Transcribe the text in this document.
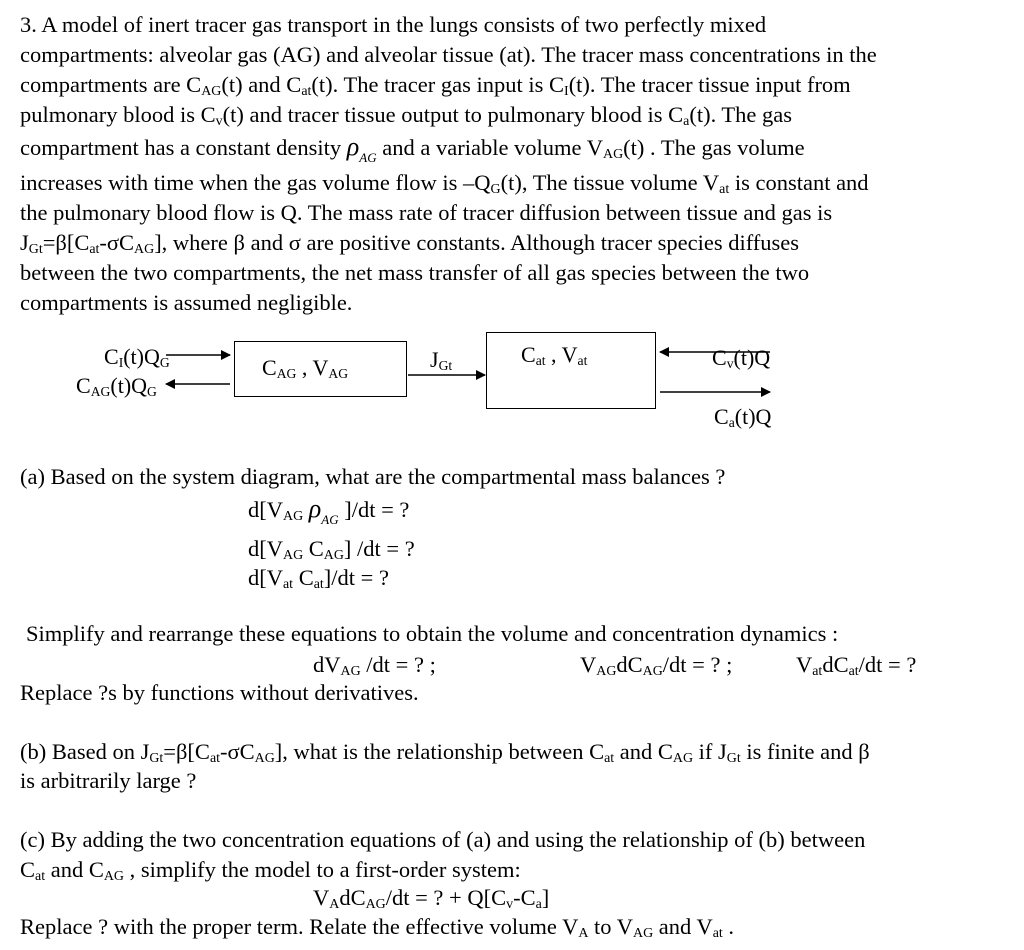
3. A model of inert tracer gas transport in the lungs consists of two perfectly mixed
compartments: alveolar gas (AG) and alveolar tissue (at). The tracer mass concentrations in the
compartments are $C_{AG}(t)$ and $C_{at}(t)$. The tracer gas input is $C_I(t)$. The tracer tissue input from
pulmonary blood is $C_v(t)$ and tracer tissue output to pulmonary blood is $C_a(t)$. The gas
compartment has a constant density $\rho_{AG}$ and a variable volume $V_{AG}(t)$ . The gas volume
increases with time when the gas volume flow is $-Q_G(t)$, The tissue volume $V_{at}$ is constant and
the pulmonary blood flow is Q. The mass rate of tracer diffusion between tissue and gas is
$J_{Gt}=\beta[C_{at}-\sigma C_{AG}]$, where β and σ are positive constants. Although tracer species diffuses
between the two compartments, the net mass transfer of all gas species between the two
compartments is assumed negligible.
$C_I(t)Q_G$
$C_{AG}(t)Q_G$
$C_{AG}$ , $V_{AG}$
$J_{Gt}$	$C_{at}$ , $V_{at}$	$C_v(t)Q$
$C_a(t)Q$
(a) Based on the system diagram, what are the compartmental mass balances ?
$d[V_{AG}$ $\rho_{AG}$ ]/dt = ?
$d[V_{AG}$ $C_{AG}$] /dt = ?
$d[V_{at}$ $C_{at}]/dt$ = ?
Simplify and rearrange these equations to obtain the volume and concentration dynamics :
$dV_{AG}$ /dt = ? ;	$V_{AG}dC_{AG}/dt$ = ? ;	$V_{at}dC_{at}/dt$ = ?
Replace ?s by functions without derivatives.
(b) Based on $J_{Gt}=\beta[C_{at}-\sigma C_{AG}]$, what is the relationship between $C_{at}$ and $C_{AG}$ if $J_{Gt}$ is finite and β
is arbitrarily large ?
(c) By adding the two concentration equations of (a) and using the relationship of (b) between
$C_{at}$ and $C_{AG}$ , simplify the model to a first-order system:
$V_AdC_{AG}/dt$ = ? + $Q[C_v-C_a]$
Replace ? with the proper term. Relate the effective volume $V_A$ to $V_{AG}$ and $V_{at}$ .
